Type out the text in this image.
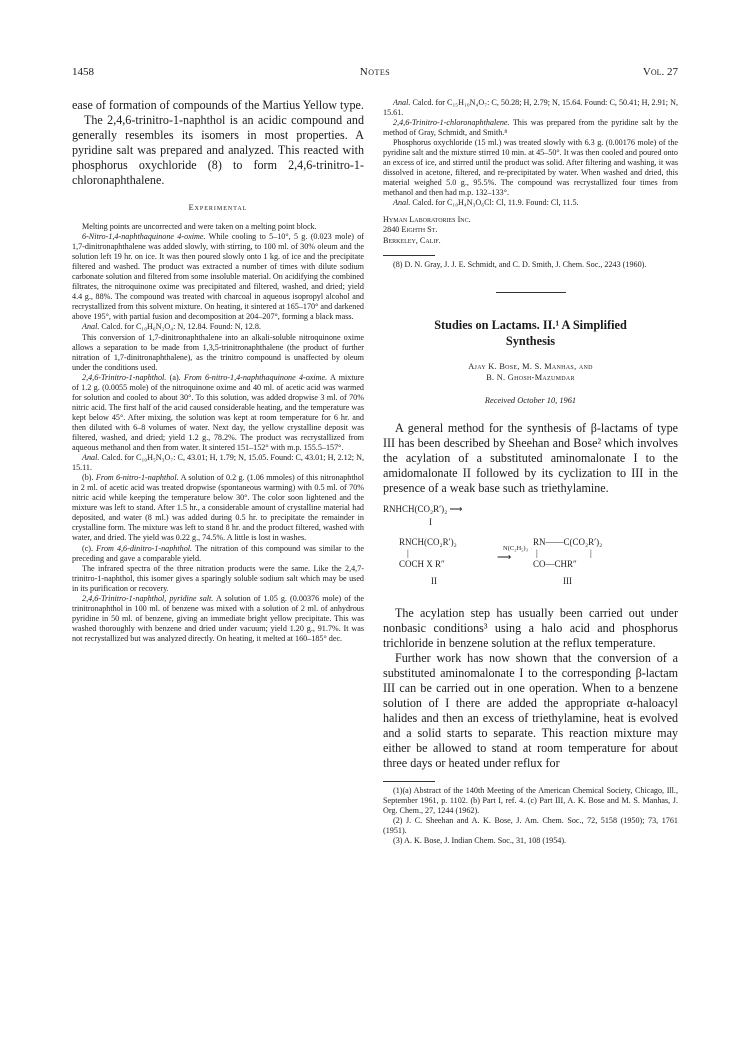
1458	Notes	Vol. 27

ease of formation of compounds of the Martius Yellow type.

The 2,4,6-trinitro-1-naphthol is an acidic compound and generally resembles its isomers in most properties. A pyridine salt was prepared and analyzed. This reacted with phosphorus oxychloride (8) to form 2,4,6-trinitro-1-chloronaphthalene.

Experimental

Melting points are uncorrected and were taken on a melting point block.

6-Nitro-1,4-naphthaquinone 4-oxime. While cooling to 5–10°, 5 g. (0.023 mole) of 1,7-dinitronaphthalene was added slowly, with stirring, to 100 ml. of 30% oleum and the solution left 19 hr. on ice. It was then poured slowly onto 1 kg. of ice and the precipitate filtered and washed. The product was extracted a number of times with dilute sodium carbonate solution and filtered from some insoluble material. On acidifying the combined filtrates, the nitroquinone oxime was precipitated and filtered, washed, and dried; yield 4.4 g., 88%. The compound was treated with charcoal in aqueous isopropyl alcohol and recrystallized from this solvent mixture. On heating, it sintered at 165–170° and darkened above 195°, with partial fusion and decomposition at 204–207°, forming a black mass.

Anal. Calcd. for C₁₀H₆N₂O₄: N, 12.84. Found: N, 12.8.

This conversion of 1,7-dinitronaphthalene into an alkali-soluble nitroquinone oxime allows a separation to be made from 1,3,5-trinitronaphthalene (the product of further nitration of 1,7-dinitronaphthalene), as the trinitro compound is unaffected by oleum under the conditions used.

2,4,6-Trinitro-1-naphthol. (a). From 6-nitro-1,4-naphthaquinone 4-oxime. A mixture of 1.2 g. (0.0055 mole) of the nitroquinone oxime and 40 ml. of acetic acid was warmed for solution and cooled to about 30°. To this solution, was added dropwise 3 ml. of 70% nitric acid. The first half of the acid caused considerable heating, and the temperature was kept below 45°. After mixing, the solution was kept at room temperature for 6 hr. and then diluted with 6–8 volumes of water. Next day, the yellow crystalline deposit was filtered, washed, and dried; yield 1.2 g., 78.2%. The product was recrystallized from aqueous methanol and then from water. It sintered 151–152° with m.p. 155.5–157°.

Anal. Calcd. for C₁₀H₅N₃O₇: C, 43.01; H, 1.79; N, 15.05. Found: C, 43.01; H, 2.12; N, 15.11.

(b). From 6-nitro-1-naphthol. A solution of 0.2 g. (1.06 mmoles) of this nitronaphthol in 2 ml. of acetic acid was treated dropwise (spontaneous warming) with 0.5 ml. of 70% nitric acid while keeping the temperature below 30°. The color soon lightened and the mixture was left to stand. After 1.5 hr., a considerable amount of crystalline material had deposited, and water (8 ml.) was added during 0.5 hr. to precipitate the remainder in crystalline form. The mixture was left to stand 8 hr. and the product filtered, washed with water, and dried. The yield was 0.22 g., 74.5%. A little is lost in washes.

(c). From 4,6-dinitro-1-naphthol. The nitration of this compound was similar to the preceding and gave a comparable yield.

The infrared spectra of the three nitration products were the same. Like the 2,4,7-trinitro-1-naphthol, this isomer gives a sparingly soluble sodium salt which may be used in its purification or recovery.

2,4,6-Trinitro-1-naphthol, pyridine salt. A solution of 1.05 g. (0.00376 mole) of the trinitronaphthol in 100 ml. of benzene was mixed with a solution of 2 ml. of anhydrous pyridine in 50 ml. of benzene, giving an immediate bright yellow precipitate. This was washed thoroughly with benzene and dried under vacuum; yield 1.20 g., 91.7%. It was not recrystallized but was analyzed directly. On heating, it melted at 160–185° dec.

Anal. Calcd. for C₁₅H₁₀N₄O₇: C, 50.28; H, 2.79; N, 15.64. Found: C, 50.41; H, 2.91; N, 15.61.

2,4,6-Trinitro-1-chloronaphthalene. This was prepared from the pyridine salt by the method of Gray, Schmidt, and Smith.⁸

Phosphorus oxychloride (15 ml.) was treated slowly with 6.3 g. (0.00176 mole) of the pyridine salt and the mixture stirred 10 min. at 45–50°. It was then cooled and poured onto an excess of ice, and stirred until the product was solid. After filtering and washing, it was dissolved in acetone, filtered, and re-precipitated by water. When washed and dried, this material weighed 5.0 g., 95.5%. The compound was recrystallized four times from methanol and then had m.p. 132–133°.

Anal. Calcd. for C₁₀H₄N₃O₆Cl: Cl, 11.9. Found: Cl, 11.5.

Hyman Laboratories Inc.
2840 Eighth St.
Berkeley, Calif.

(8) D. N. Gray, J. J. E. Schmidt, and C. D. Smith, J. Chem. Soc., 2243 (1960).

Studies on Lactams. II.¹ A Simplified
Synthesis
Ajay K. Bose, M. S. Manhas, and
B. N. Ghosh-Mazumdar
Received October 10, 1961

A general method for the synthesis of β-lactams of type III has been described by Sheehan and Bose² which involves the acylation of a substituted aminomalonate I to the amidomalonate II followed by its cyclization to III in the presence of a weak base such as triethylamine.

RNHCH(CO₂R′)₂ ⟶
I
RNCH(CO₂R′)₂
|
COCH X R″
II
N(C₂H₅)₃
⟶
RN——C(CO₂R′)₂
|	|
CO—CHR″
III

The acylation step has usually been carried out under nonbasic conditions³ using a halo acid and phosphorus trichloride in benzene solution at the reflux temperature.

Further work has now shown that the conversion of a substituted aminomalonate I to the corresponding β-lactam III can be carried out in one operation. When to a benzene solution of I there are added the appropriate α-haloacyl halides and then an excess of triethylamine, heat is evolved and a solid starts to separate. This reaction mixture may either be allowed to stand at room temperature for about three days or heated under reflux for

(1)(a) Abstract of the 140th Meeting of the American Chemical Society, Chicago, Ill., September 1961, p. 1102. (b) Part I, ref. 4. (c) Part III, A. K. Bose and M. S. Manhas, J. Org. Chem., 27, 1244 (1962).

(2) J. C. Sheehan and A. K. Bose, J. Am. Chem. Soc., 72, 5158 (1950); 73, 1761 (1951).

(3) A. K. Bose, J. Indian Chem. Soc., 31, 108 (1954).
